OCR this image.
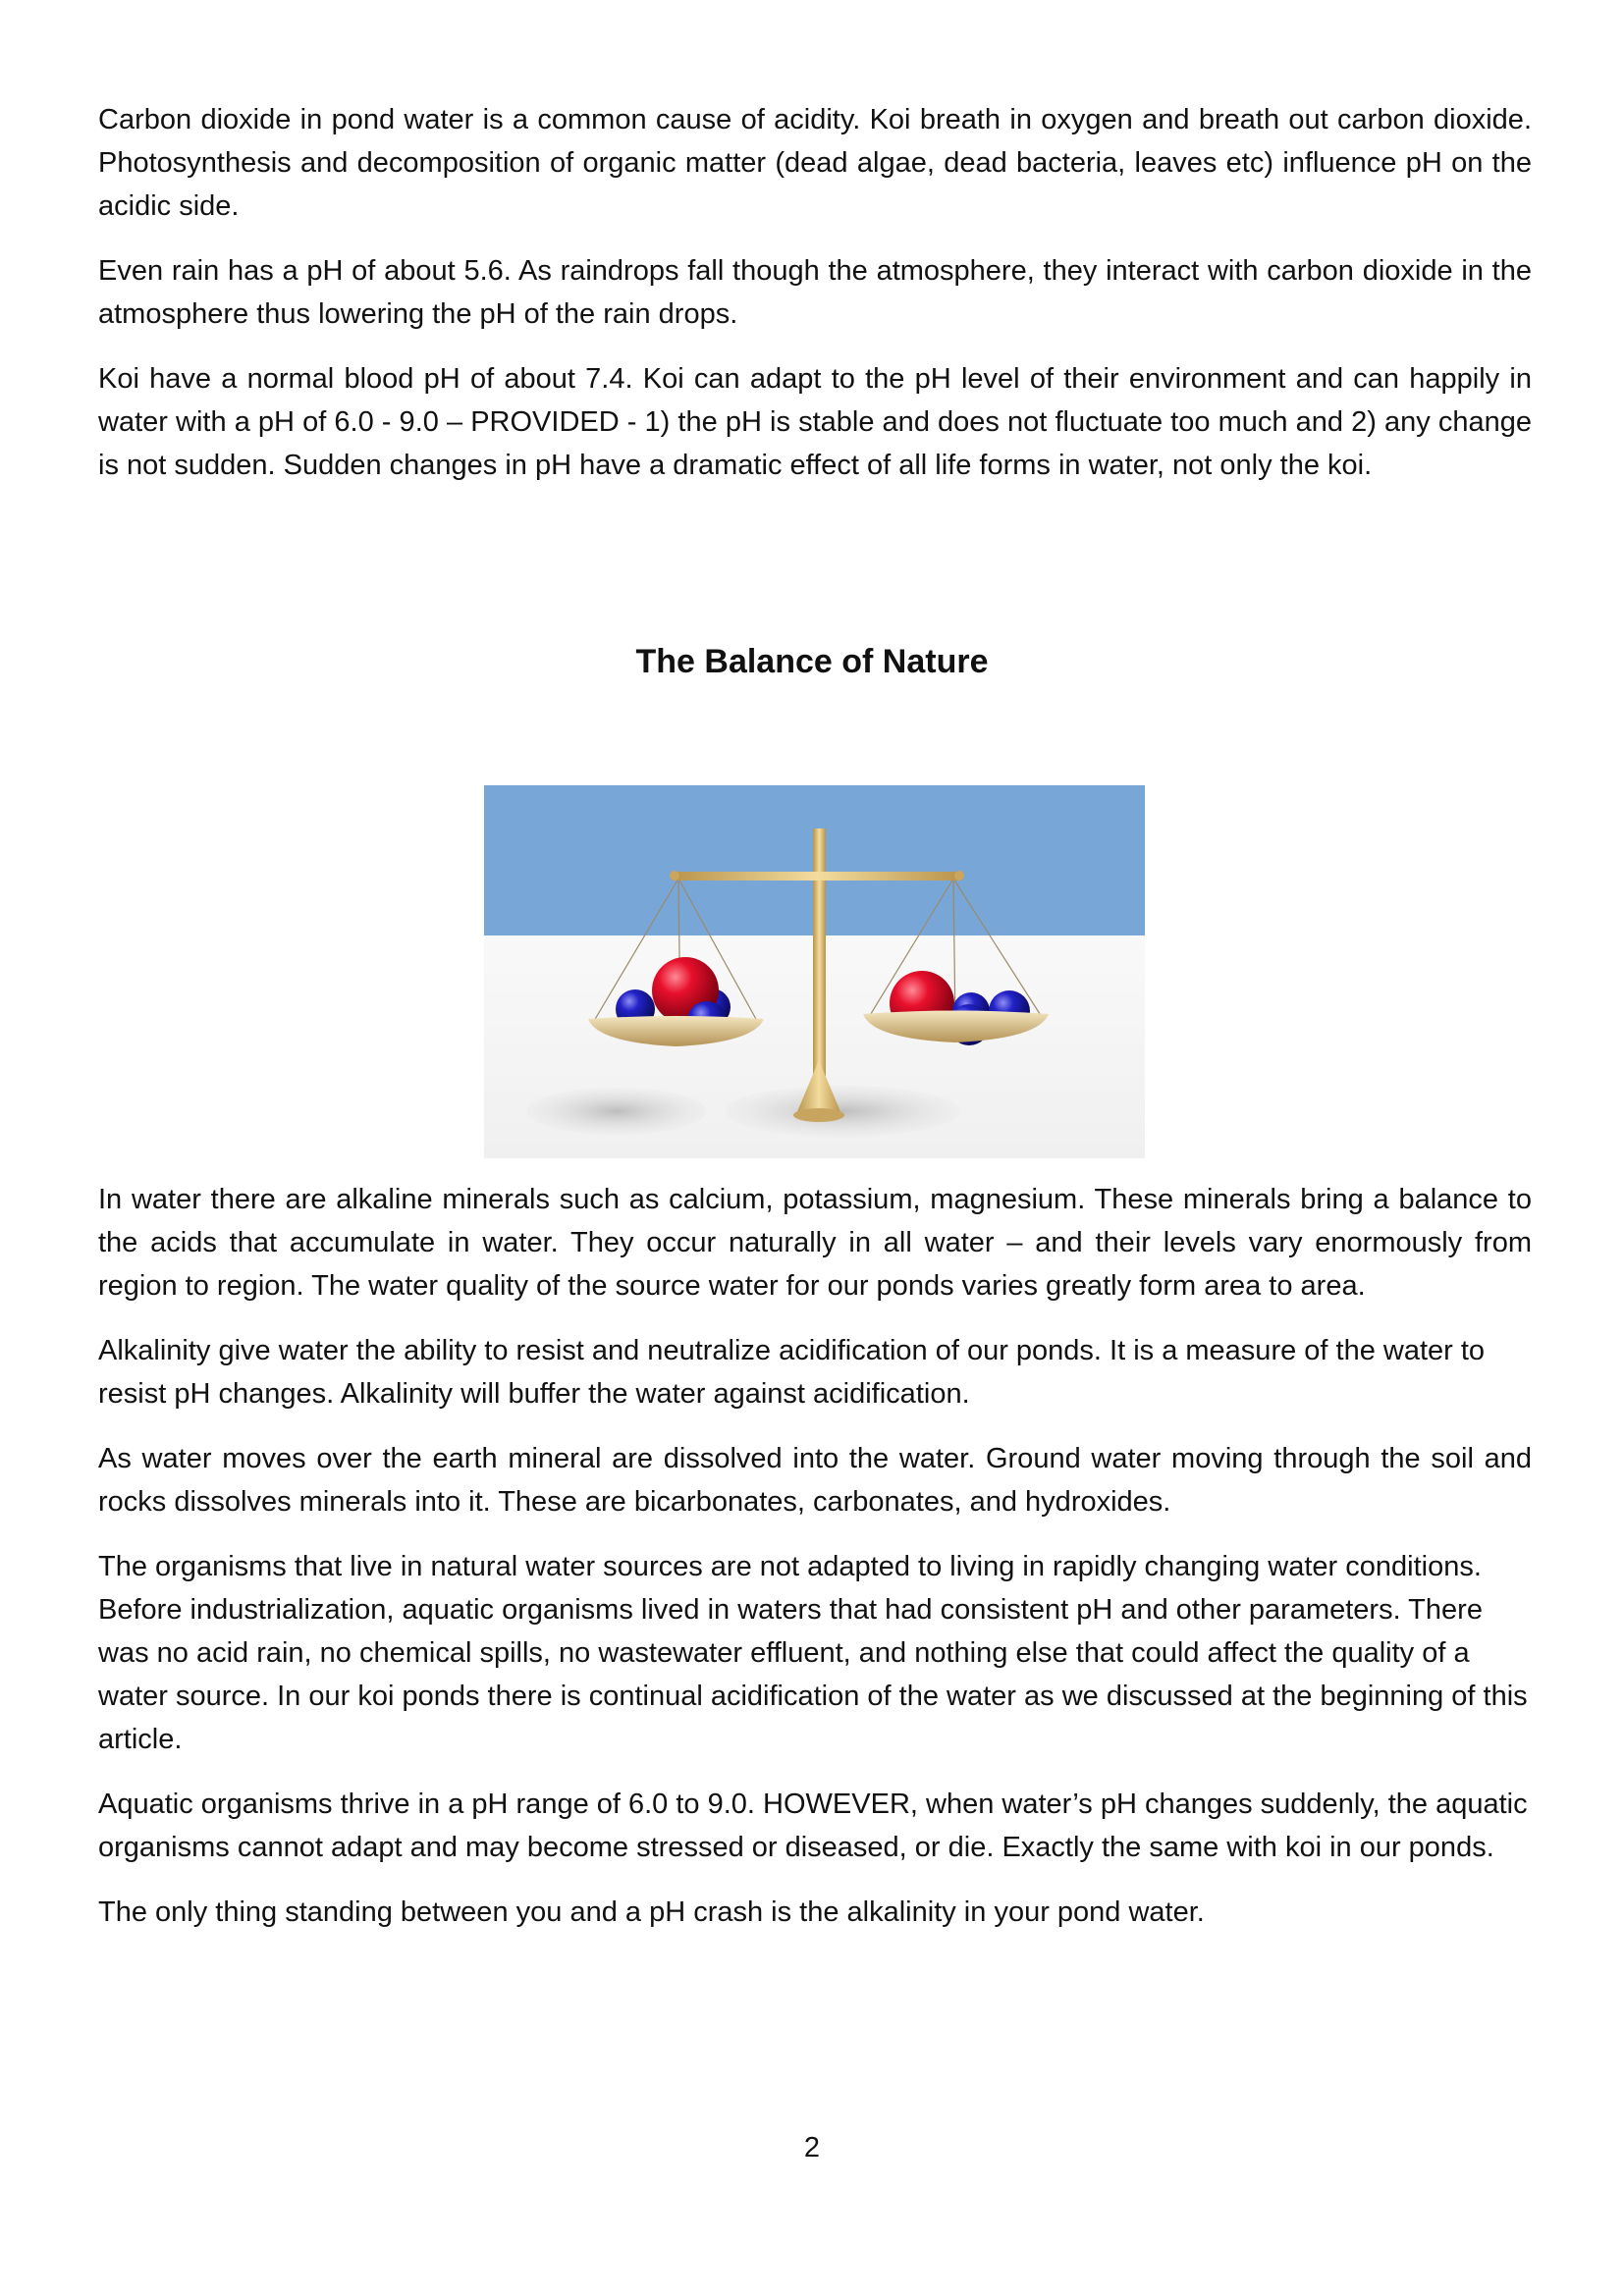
Carbon dioxide in pond water is a common cause of acidity. Koi breath in oxygen and breath out carbon dioxide. Photosynthesis and decomposition of organic matter (dead algae, dead bacteria, leaves etc) influence pH on the acidic side.

Even rain has a pH of about 5.6. As raindrops fall though the atmosphere, they interact with carbon dioxide in the atmosphere thus lowering the pH of the rain drops.

Koi have a normal blood pH of about 7.4. Koi can adapt to the pH level of their environment and can happily in water with a pH of 6.0 - 9.0 – PROVIDED - 1) the pH is stable and does not fluctuate too much and 2) any change is not sudden. Sudden changes in pH have a dramatic effect of all life forms in water, not only the koi.

The Balance of Nature

In water there are alkaline minerals such as calcium, potassium, magnesium. These minerals bring a balance to the acids that accumulate in water. They occur naturally in all water – and their levels vary enormously from region to region. The water quality of the source water for our ponds varies greatly form area to area.

Alkalinity give water the ability to resist and neutralize acidification of our ponds. It is a measure of the water to resist pH changes. Alkalinity will buffer the water against acidification.

As water moves over the earth mineral are dissolved into the water. Ground water moving through the soil and rocks dissolves minerals into it. These are bicarbonates, carbonates, and hydroxides.

The organisms that live in natural water sources are not adapted to living in rapidly changing water conditions. Before industrialization, aquatic organisms lived in waters that had consistent pH and other parameters. There was no acid rain, no chemical spills, no wastewater effluent, and nothing else that could affect the quality of a water source. In our koi ponds there is continual acidification of the water as we discussed at the beginning of this article.

Aquatic organisms thrive in a pH range of 6.0 to 9.0. HOWEVER, when water’s pH changes suddenly, the aquatic organisms cannot adapt and may become stressed or diseased, or die. Exactly the same with koi in our ponds.

The only thing standing between you and a pH crash is the alkalinity in your pond water.

2
